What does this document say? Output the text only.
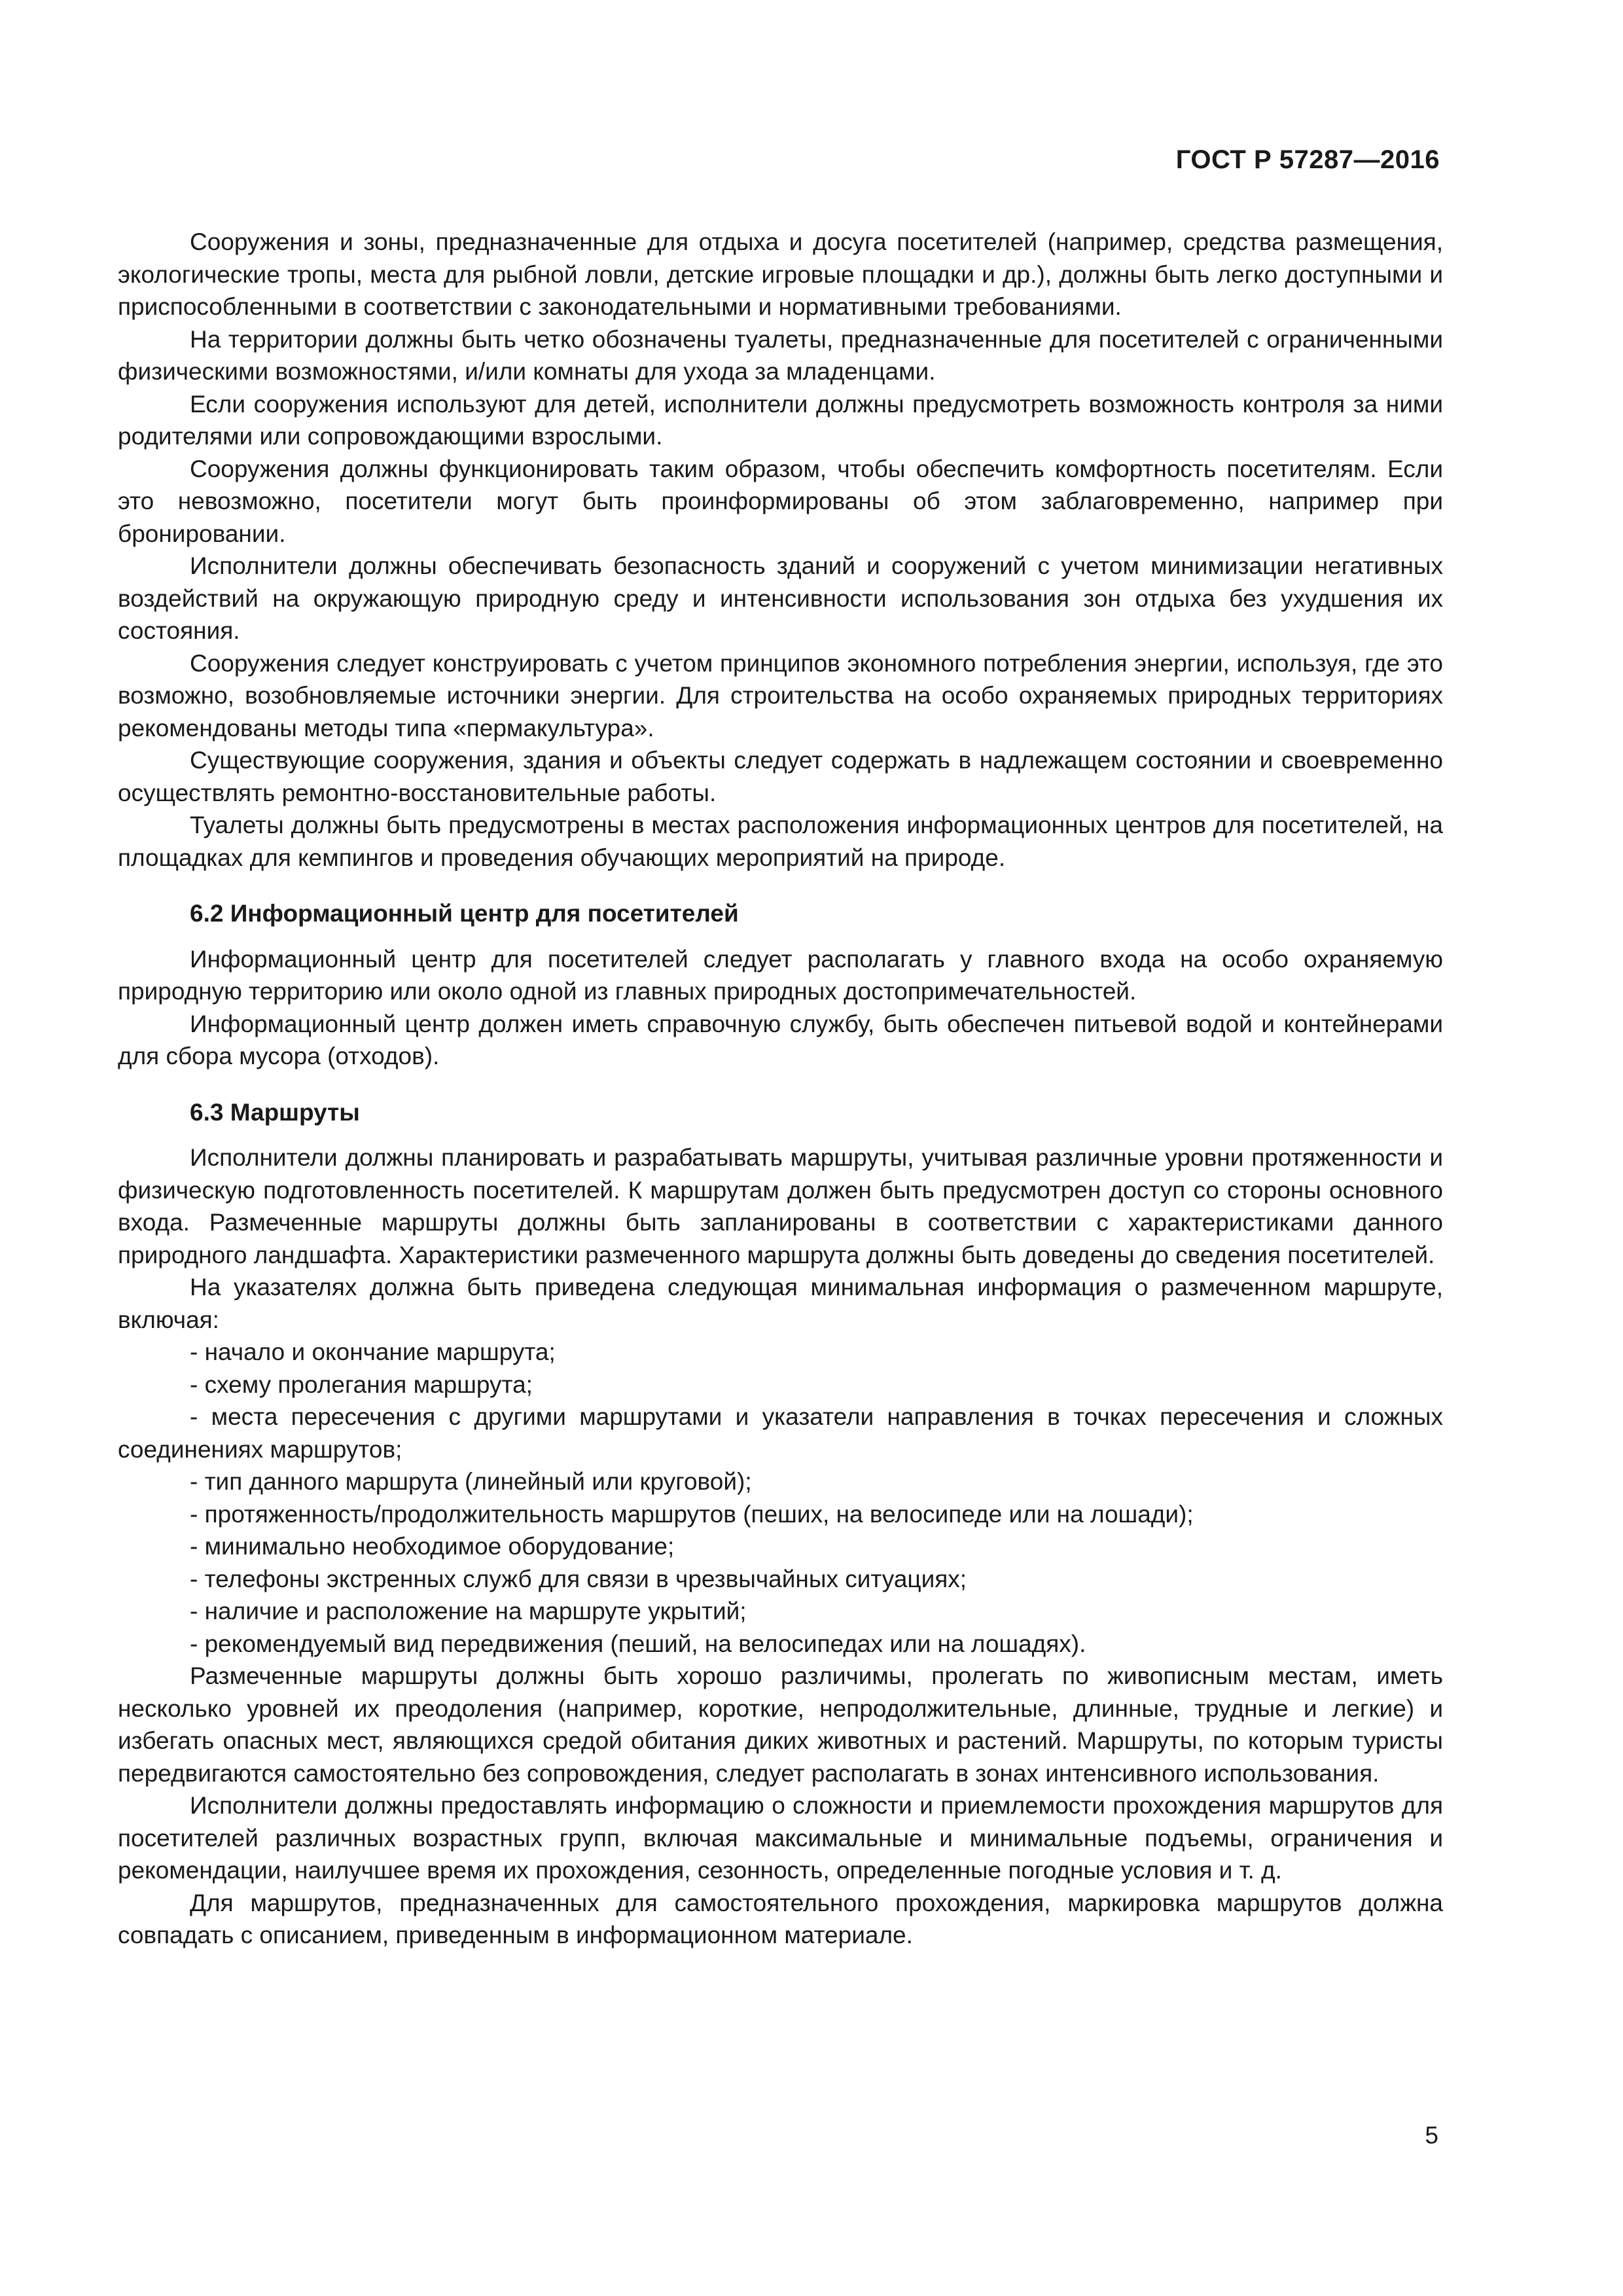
ГОСТ Р 57287—2016

Сооружения и зоны, предназначенные для отдыха и досуга посетителей (например, средства размещения, экологические тропы, места для рыбной ловли, детские игровые площадки и др.), должны быть легко доступными и приспособленными в соответствии с законодательными и нормативными требованиями.

На территории должны быть четко обозначены туалеты, предназначенные для посетителей с ограниченными физическими возможностями, и/или комнаты для ухода за младенцами.

Если сооружения используют для детей, исполнители должны предусмотреть возможность контроля за ними родителями или сопровождающими взрослыми.

Сооружения должны функционировать таким образом, чтобы обеспечить комфортность посетителям. Если это невозможно, посетители могут быть проинформированы об этом заблаговременно, например при бронировании.

Исполнители должны обеспечивать безопасность зданий и сооружений с учетом минимизации негативных воздействий на окружающую природную среду и интенсивности использования зон отдыха без ухудшения их состояния.

Сооружения следует конструировать с учетом принципов экономного потребления энергии, используя, где это возможно, возобновляемые источники энергии. Для строительства на особо охраняемых природных территориях рекомендованы методы типа «пермакультура».

Существующие сооружения, здания и объекты следует содержать в надлежащем состоянии и своевременно осуществлять ремонтно-восстановительные работы.

Туалеты должны быть предусмотрены в местах расположения информационных центров для посетителей, на площадках для кемпингов и проведения обучающих мероприятий на природе.

6.2 Информационный центр для посетителей

Информационный центр для посетителей следует располагать у главного входа на особо охраняемую природную территорию или около одной из главных природных достопримечательностей.

Информационный центр должен иметь справочную службу, быть обеспечен питьевой водой и контейнерами для сбора мусора (отходов).

6.3 Маршруты

Исполнители должны планировать и разрабатывать маршруты, учитывая различные уровни протяженности и физическую подготовленность посетителей. К маршрутам должен быть предусмотрен доступ со стороны основного входа. Размеченные маршруты должны быть запланированы в соответствии с характеристиками данного природного ландшафта. Характеристики размеченного маршрута должны быть доведены до сведения посетителей.

На указателях должна быть приведена следующая минимальная информация о размеченном маршруте, включая:

- начало и окончание маршрута;
- схему пролегания маршрута;
- места пересечения с другими маршрутами и указатели направления в точках пересечения и сложных соединениях маршрутов;
- тип данного маршрута (линейный или круговой);
- протяженность/продолжительность маршрутов (пеших, на велосипеде или на лошади);
- минимально необходимое оборудование;
- телефоны экстренных служб для связи в чрезвычайных ситуациях;
- наличие и расположение на маршруте укрытий;
- рекомендуемый вид передвижения (пеший, на велосипедах или на лошадях).

Размеченные маршруты должны быть хорошо различимы, пролегать по живописным местам, иметь несколько уровней их преодоления (например, короткие, непродолжительные, длинные, трудные и легкие) и избегать опасных мест, являющихся средой обитания диких животных и растений. Маршруты, по которым туристы передвигаются самостоятельно без сопровождения, следует располагать в зонах интенсивного использования.

Исполнители должны предоставлять информацию о сложности и приемлемости прохождения маршрутов для посетителей различных возрастных групп, включая максимальные и минимальные подъемы, ограничения и рекомендации, наилучшее время их прохождения, сезонность, определенные погодные условия и т. д.

Для маршрутов, предназначенных для самостоятельного прохождения, маркировка маршрутов должна совпадать с описанием, приведенным в информационном материале.

5
